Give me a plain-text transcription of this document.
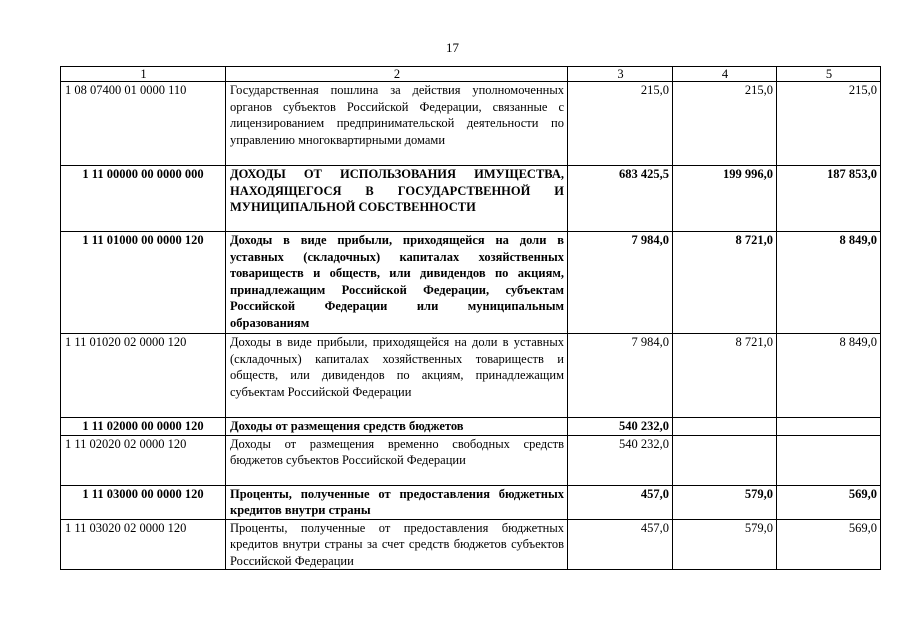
17
1	2	3	4	5
1 08 07400 01 0000 110	Государственная пошлина за действия уполномоченных органов субъектов Российской Федерации, связанные с лицензированием предпринимательской деятельности по управлению многоквартирными домами	215,0	215,0	215,0
1 11 00000 00 0000 000	ДОХОДЫ ОТ ИСПОЛЬЗОВАНИЯ ИМУЩЕСТВА, НАХОДЯЩЕГОСЯ В ГОСУДАРСТВЕННОЙ И МУНИЦИПАЛЬНОЙ СОБСТВЕННОСТИ	683 425,5	199 996,0	187 853,0
1 11 01000 00 0000 120	Доходы в виде прибыли, приходящейся на доли в уставных (складочных) капиталах хозяйственных товариществ и обществ, или дивидендов по акциям, принадлежащим Российской Федерации, субъектам Российской Федерации или муниципальным образованиям	7 984,0	8 721,0	8 849,0
1 11 01020 02 0000 120	Доходы в виде прибыли, приходящейся на доли в уставных (складочных) капиталах хозяйственных товариществ и обществ, или дивидендов по акциям, принадлежащим субъектам Российской Федерации	7 984,0	8 721,0	8 849,0
1 11 02000 00 0000 120	Доходы от размещения средств бюджетов	540 232,0		
1 11 02020 02 0000 120	Доходы от размещения временно свободных средств бюджетов субъектов Российской Федерации	540 232,0		
1 11 03000 00 0000 120	Проценты, полученные от предоставления бюджетных кредитов внутри страны	457,0	579,0	569,0
1 11 03020 02 0000 120	Проценты, полученные от предоставления бюджетных кредитов внутри страны за счет средств бюджетов субъектов Российской Федерации	457,0	579,0	569,0
